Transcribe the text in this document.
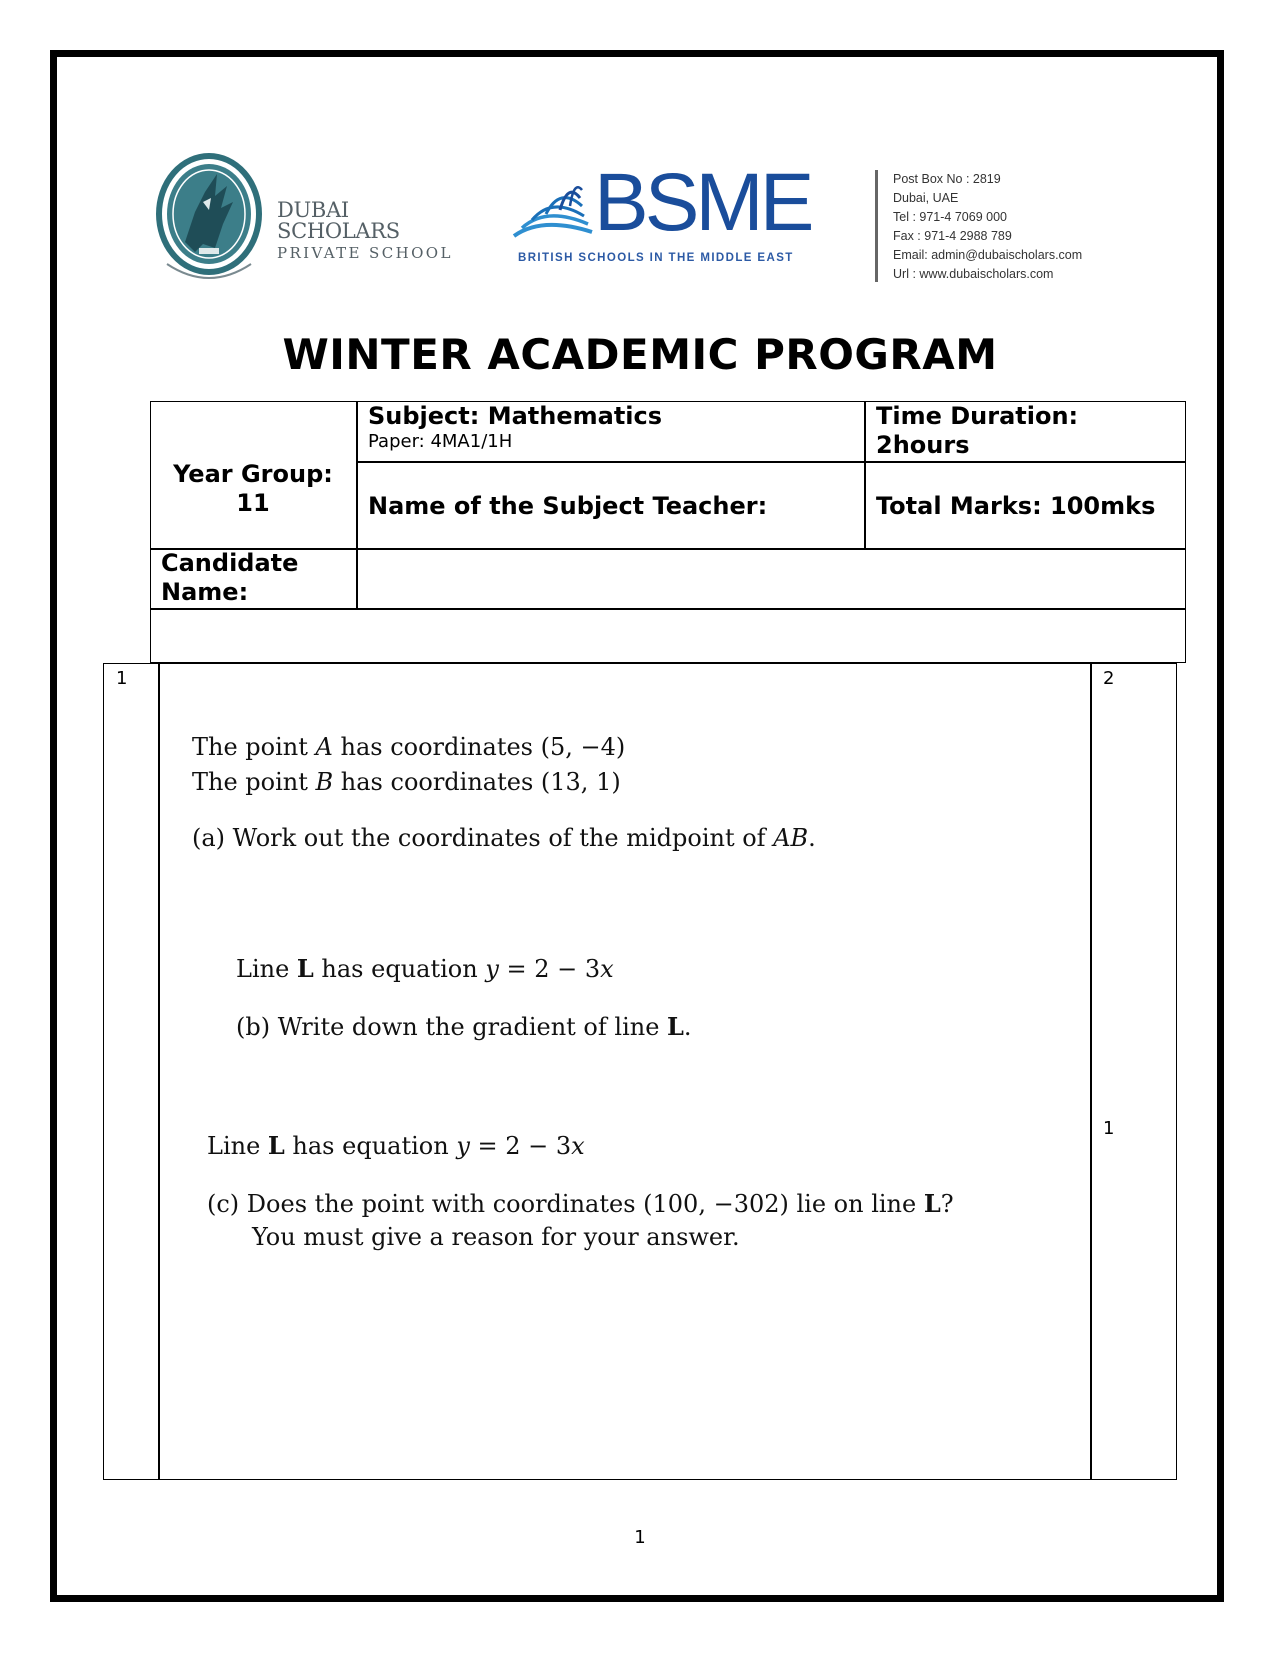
DUBAI SCHOLARS
PRIVATE SCHOOL
BSME
BRITISH SCHOOLS IN THE MIDDLE EAST
Post Box No : 2819
Dubai, UAE
Tel : 971-4 7069 000
Fax : 971-4 2988 789
Email: admin@dubaischolars.com
Url : www.dubaischolars.com
WINTER ACADEMIC PROGRAM
Year Group:
11
Subject: Mathematics
Paper: 4MA1/1H
Time Duration:
2hours
Name of the Subject Teacher:	Total Marks: 100mks
Candidate
Name:
1	2
1
The point A has coordinates (5, −4)
The point B has coordinates (13, 1)
(a) Work out the coordinates of the midpoint of AB.
Line L has equation y = 2 − 3x
(b) Write down the gradient of line L.
Line L has equation y = 2 − 3x
(c) Does the point with coordinates (100, −302) lie on line L?
You must give a reason for your answer.
1
